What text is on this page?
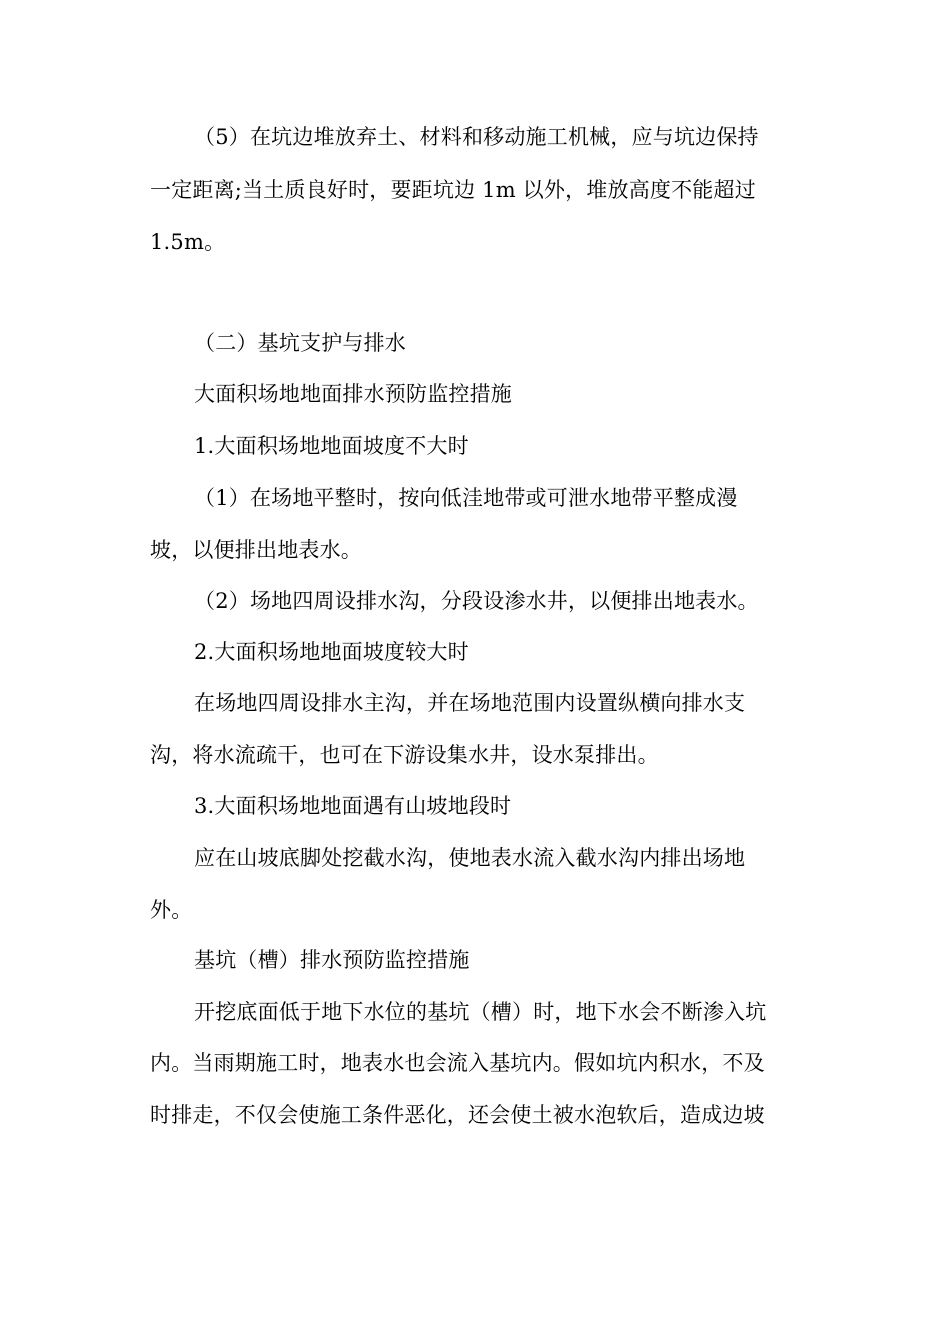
（5）在坑边堆放弃土、材料和移动施工机械，应与坑边保持
一定距离;当土质良好时，要距坑边 1m 以外，堆放高度不能超过
1.5m。
（二）基坑支护与排水
大面积场地地面排水预防监控措施
1.大面积场地地面坡度不大时
（1）在场地平整时，按向低洼地带或可泄水地带平整成漫
坡，以便排出地表水。
（2）场地四周设排水沟，分段设渗水井，以便排出地表水。
2.大面积场地地面坡度较大时
在场地四周设排水主沟，并在场地范围内设置纵横向排水支
沟，将水流疏干，也可在下游设集水井，设水泵排出。
3.大面积场地地面遇有山坡地段时
应在山坡底脚处挖截水沟，使地表水流入截水沟内排出场地
外。
基坑（槽）排水预防监控措施
开挖底面低于地下水位的基坑（槽）时，地下水会不断渗入坑
内。当雨期施工时，地表水也会流入基坑内。假如坑内积水，不及
时排走，不仅会使施工条件恶化，还会使土被水泡软后，造成边坡
